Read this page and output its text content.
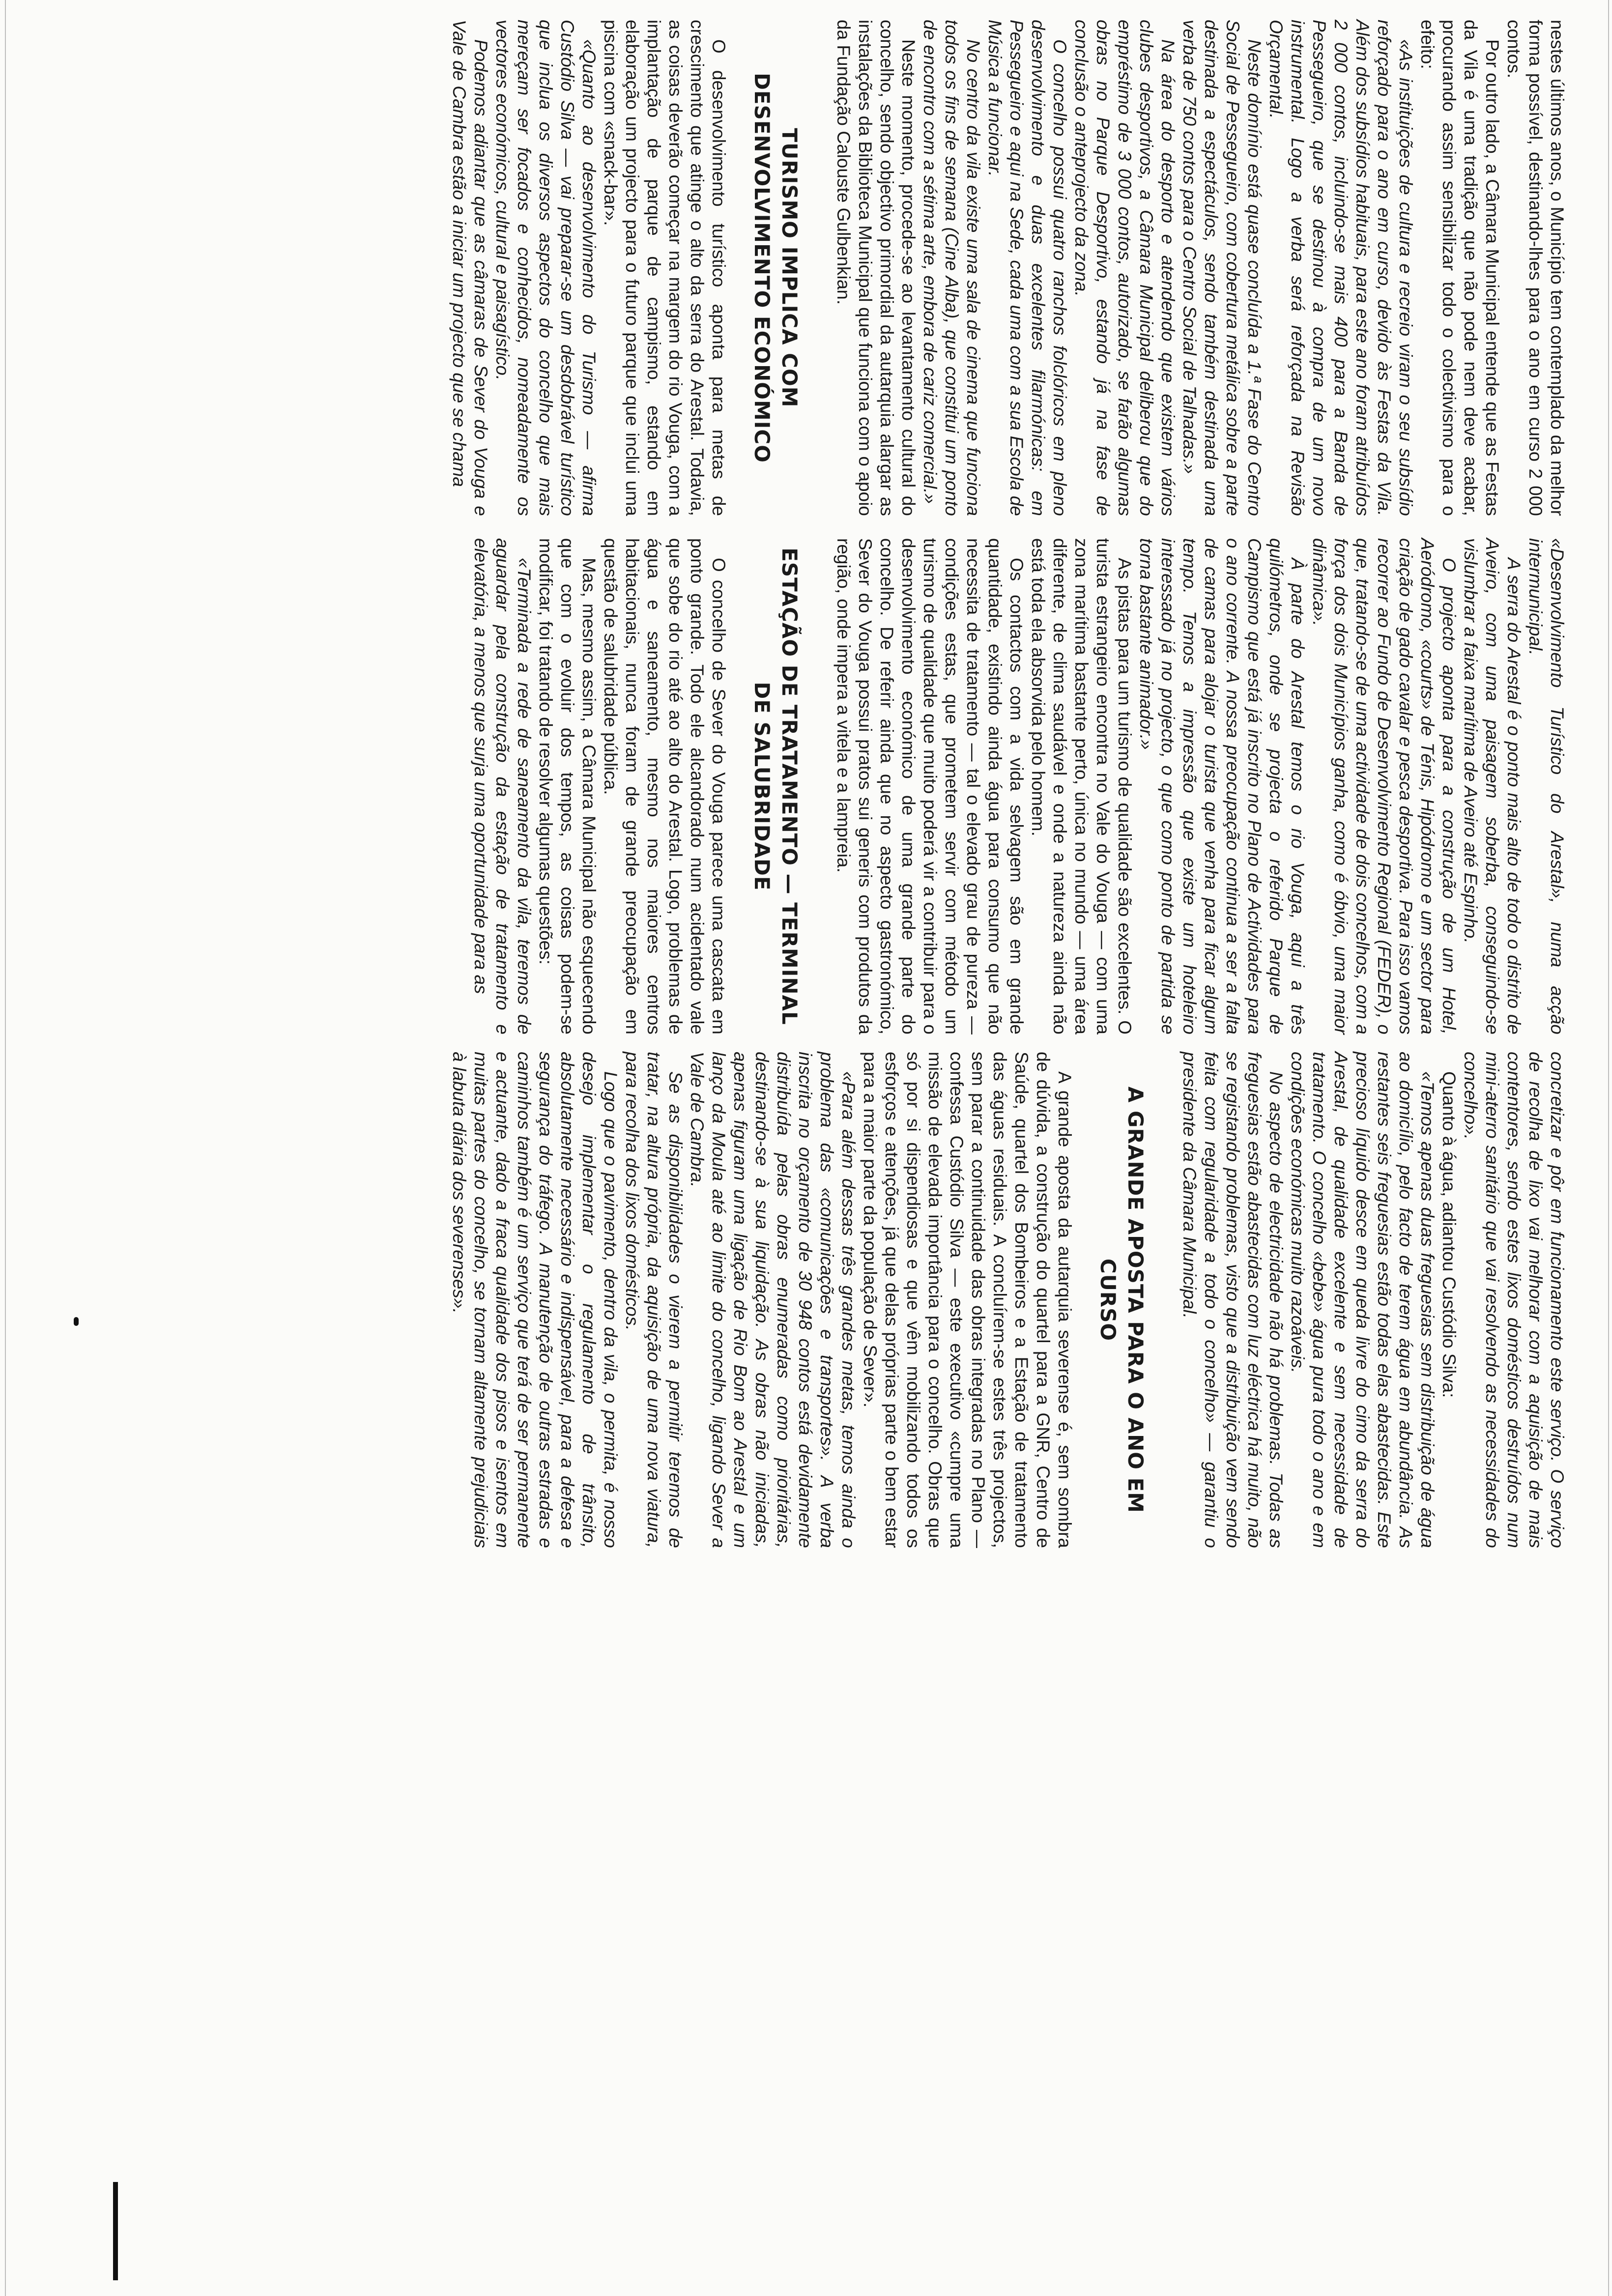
nestes últimos anos, o Município tem contemplado da melhor forma possível, destinando-lhes para o ano em curso 2 000 contos.

Por outro lado, a Câmara Municipal entende que as Festas da Vila é uma tradição que não pode nem deve acabar, procurando assim sensibilizar todo o colectivismo para o efeito:

«As instituições de cultura e recreio viram o seu subsídio reforçado para o ano em curso, devido às Festas da Vila. Além dos subsídios habituais, para este ano foram atribuídos 2 000 contos, incluindo-se mais 400 para a Banda de Pessegueiro, que se destinou à compra de um novo instrumental. Logo a verba será reforçada na Revisão Orçamental.

Neste domínio está quase concluída a 1.ª Fase do Centro Social de Pessegueiro, com cobertura metálica sobre a parte destinada a espectáculos, sendo também destinada uma verba de 750 contos para o Centro Social de Talhadas.»

Na área do desporto e atendendo que existem vários clubes desportivos, a Câmara Municipal deliberou que do empréstimo de 3 000 contos, autorizado, se farão algumas obras no Parque Desportivo, estando já na fase de conclusão o anteprojecto da zona.

O concelho possui quatro ranchos folclóricos em pleno desenvolvimento e duas excelentes filarmónicas: em Pessegueiro e aqui na Sede, cada uma com a sua Escola de Música a funcionar.

No centro da vila existe uma sala de cinema que funciona todos os fins de semana (Cine Alba), que constitui um ponto de encontro com a sétima arte, embora de cariz comercial.»

Neste momento, procede-se ao levantamento cultural do concelho, sendo objectivo primordial da autarquia alargar as instalações da Biblioteca Municipal que funciona com o apoio da Fundação Calouste Gulbenkian.

TURISMO IMPLICA COM DESENVOLVIMENTO ECONÓMICO

O desenvolvimento turístico aponta para metas de crescimento que atinge o alto da serra do Arestal. Todavia, as coisas deverão começar na margem do rio Vouga, com a implantação de parque de campismo, estando em elaboração um projecto para o futuro parque que inclui uma piscina com «snack-bar».

«Quanto ao desenvolvimento do Turismo — afirma Custódio Silva — vai preparar-se um desdobrável turístico que inclua os diversos aspectos do concelho que mais mereçam ser focados e conhecidos, nomeadamente os vectores económicos, cultural e paisagístico.

Podemos adiantar que as câmaras de Sever do Vouga e Vale de Cambra estão a iniciar um projecto que se chama

«Desenvolvimento Turístico do Arestal», numa acção intermunicipal.

A serra do Arestal é o ponto mais alto de todo o distrito de Aveiro, com uma paisagem soberba, conseguindo-se vislumbrar a faixa marítima de Aveiro até Espinho.

O projecto aponta para a construção de um Hotel, Aeródromo, «courts» de Ténis, Hipódromo e um sector para criação de gado cavalar e pesca desportiva. Para isso vamos recorrer ao Fundo de Desenvolvimento Regional (FEDER), o que, tratando-se de uma actividade de dois concelhos, com a força dos dois Municípios ganha, como é óbvio, uma maior dinâmica».

À parte do Arestal temos o rio Vouga, aqui a três quilómetros, onde se projecta o referido Parque de Campismo que está já inscrito no Plano de Actividades para o ano corrente. A nossa preocupação continua a ser a falta de camas para alojar o turista que venha para ficar algum tempo. Temos a impressão que existe um hoteleiro interessado já no projecto, o que como ponto de partida se torna bastante animador.»

As pistas para um turismo de qualidade são excelentes. O turista estrangeiro encontra no Vale do Vouga — com uma zona marítima bastante perto, única no mundo — uma área diferente, de clima saudável e onde a natureza ainda não está toda ela absorvida pelo homem.

Os contactos com a vida selvagem são em grande quantidade, existindo ainda água para consumo que não necessita de tratamento — tal o elevado grau de pureza — condições estas, que prometem servir com método um turismo de qualidade que muito poderá vir a contribuir para o desenvolvimento económico de uma grande parte do concelho. De referir ainda que no aspecto gastronómico, Sever do Vouga possui pratos sui generis com produtos da região, onde impera a vitela e a lampreia.

ESTAÇÃO DE TRATAMENTO — TERMINAL DE SALUBRIDADE

O concelho de Sever do Vouga parece uma cascata em ponto grande. Todo ele alcandorado num acidentado vale que sobe do rio até ao alto do Arestal. Logo, problemas de água e saneamento, mesmo nos maiores centros habitacionais, nunca foram de grande preocupação em questão de salubridade pública.

Mas, mesmo assim, a Câmara Municipal não esquecendo que com o evoluir dos tempos, as coisas podem-se modificar, foi tratando de resolver algumas questões:

«Terminada a rede de saneamento da vila, teremos de aguardar pela construção da estação de tratamento e elevatória, a menos que surja uma oportunidade para as

concretizar e pôr em funcionamento este serviço. O serviço de recolha de lixo vai melhorar com a aquisição de mais contentores, sendo estes lixos domésticos destruídos num mini-aterro sanitário que vai resolvendo as necessidades do concelho».

Quanto à água, adiantou Custódio Silva:

«Temos apenas duas freguesias sem distribuição de água ao domicílio, pelo facto de terem água em abundância. As restantes seis freguesias estão todas elas abastecidas. Este precioso líquido desce em queda livre do cimo da serra do Arestal, de qualidade excelente e sem necessidade de tratamento. O concelho «bebe» água pura todo o ano e em condições económicas muito razoáveis.

No aspecto de electricidade não há problemas. Todas as freguesias estão abastecidas com luz eléctrica há muito, não se registando problemas, visto que a distribuição vem sendo feita com regularidade a todo o concelho» — garantiu o presidente da Câmara Municipal.

A GRANDE APOSTA PARA O ANO EM CURSO

A grande aposta da autarquia severense é, sem sombra de dúvida, a construção do quartel para a GNR, Centro de Saúde, quartel dos Bombeiros e a Estação de tratamento das águas residuais. A concluírem-se estes três projectos, sem parar a continuidade das obras integradas no Plano — confessa Custódio Silva — este executivo «cumpre uma missão de elevada importância para o concelho. Obras que só por si dispendiosas e que vêm mobilizando todos os esforços e atenções, já que delas próprias parte o bem estar para a maior parte da população de Sever».

«Para além dessas três grandes metas, temos ainda o problema das «comunicações e transportes». A verba inscrita no orçamento de 30 948 contos está devidamente distribuída pelas obras enumeradas como prioritárias, destinando-se à sua liquidação. As obras não iniciadas, apenas figuram uma ligação de Rio Bom ao Arestal e um lanço da Moula até ao limite do concelho, ligando Sever a Vale de Cambra.

Se as disponibilidades o vierem a permitir teremos de tratar, na altura própria, da aquisição de uma nova viatura, para recolha dos lixos domésticos.

Logo que o pavimento, dentro da vila, o permita, é nosso desejo implementar o regulamento de trânsito, absolutamente necessário e indispensável, para a defesa e segurança do tráfego. A manutenção de outras estradas e caminhos também é um serviço que terá de ser permanente e actuante, dado a fraca qualidade dos pisos e isentos em muitas partes do concelho, se tornam altamente prejudiciais à labuta diária dos severenses».
